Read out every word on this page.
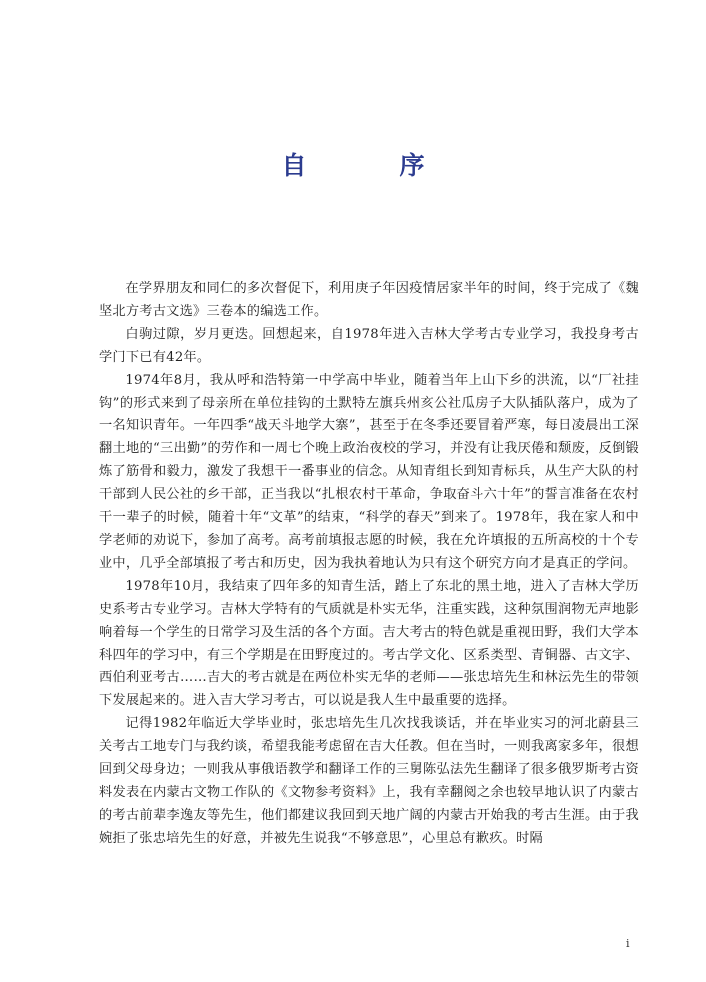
自　序

在学界朋友和同仁的多次督促下，利用庚子年因疫情居家半年的时间，终于完成了《魏坚北方考古文选》三卷本的编选工作。

白驹过隙，岁月更迭。回想起来，自1978年进入吉林大学考古专业学习，我投身考古学门下已有42年。

1974年8月，我从呼和浩特第一中学高中毕业，随着当年上山下乡的洪流，以“厂社挂钩”的形式来到了母亲所在单位挂钩的土默特左旗兵州亥公社瓜房子大队插队落户，成为了一名知识青年。一年四季“战天斗地学大寨”，甚至于在冬季还要冒着严寒，每日凌晨出工深翻土地的“三出勤”的劳作和一周七个晚上政治夜校的学习，并没有让我厌倦和颓废，反倒锻炼了筋骨和毅力，激发了我想干一番事业的信念。从知青组长到知青标兵，从生产大队的村干部到人民公社的乡干部，正当我以“扎根农村干革命，争取奋斗六十年”的誓言准备在农村干一辈子的时候，随着十年“文革”的结束，“科学的春天”到来了。1978年，我在家人和中学老师的劝说下，参加了高考。高考前填报志愿的时候，我在允许填报的五所高校的十个专业中，几乎全部填报了考古和历史，因为我执着地认为只有这个研究方向才是真正的学问。

1978年10月，我结束了四年多的知青生活，踏上了东北的黑土地，进入了吉林大学历史系考古专业学习。吉林大学特有的气质就是朴实无华，注重实践，这种氛围润物无声地影响着每一个学生的日常学习及生活的各个方面。吉大考古的特色就是重视田野，我们大学本科四年的学习中，有三个学期是在田野度过的。考古学文化、区系类型、青铜器、古文字、西伯利亚考古……吉大的考古就是在两位朴实无华的老师——张忠培先生和林沄先生的带领下发展起来的。进入吉大学习考古，可以说是我人生中最重要的选择。

记得1982年临近大学毕业时，张忠培先生几次找我谈话，并在毕业实习的河北蔚县三关考古工地专门与我约谈，希望我能考虑留在吉大任教。但在当时，一则我离家多年，很想回到父母身边；一则我从事俄语教学和翻译工作的三舅陈弘法先生翻译了很多俄罗斯考古资料发表在内蒙古文物工作队的《文物参考资料》上，我有幸翻阅之余也较早地认识了内蒙古的考古前辈李逸友等先生，他们都建议我回到天地广阔的内蒙古开始我的考古生涯。由于我婉拒了张忠培先生的好意，并被先生说我“不够意思”，心里总有歉疚。时隔

i
